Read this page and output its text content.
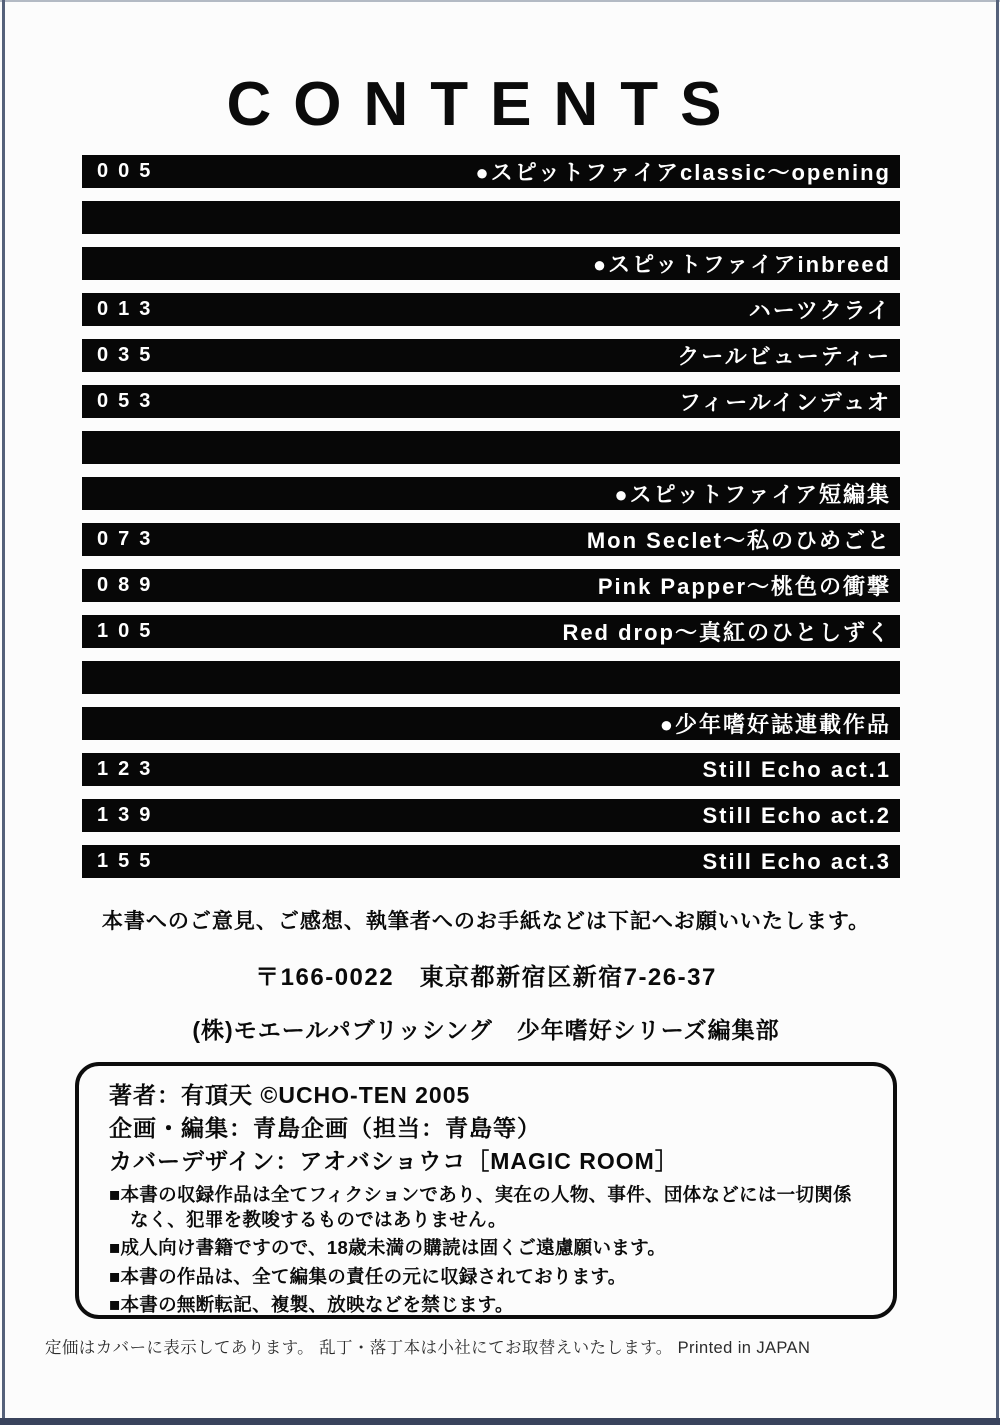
CONTENTS
005	●スピットファイアclassic〜opening
●スピットファイアinbreed
013	ハーツクライ
035	クールビューティー
053	フィールインデュオ
●スピットファイア短編集
073	Mon Seclet〜私のひめごと
089	Pink Papper〜桃色の衝撃
105	Red drop〜真紅のひとしずく
●少年嗜好誌連載作品
123	Still Echo act.1
139	Still Echo act.2
155	Still Echo act.3
本書へのご意見、ご感想、執筆者へのお手紙などは下記へお願いいたします。
〒166-0022　東京都新宿区新宿7-26-37
(株)モエールパブリッシング　少年嗜好シリーズ編集部
著者：有頂天 ©UCHO-TEN 2005
企画・編集：青島企画（担当：青島等）
カバーデザイン：アオバショウコ［MAGIC ROOM］
■本書の収録作品は全てフィクションであり、実在の人物、事件、団体などには一切関係なく、犯罪を教唆するものではありません。
■成人向け書籍ですので、18歳未満の購読は固くご遠慮願います。
■本書の作品は、全て編集の責任の元に収録されております。
■本書の無断転記、複製、放映などを禁じます。
定価はカバーに表示してあります。 乱丁・落丁本は小社にてお取替えいたします。 Printed in JAPAN
